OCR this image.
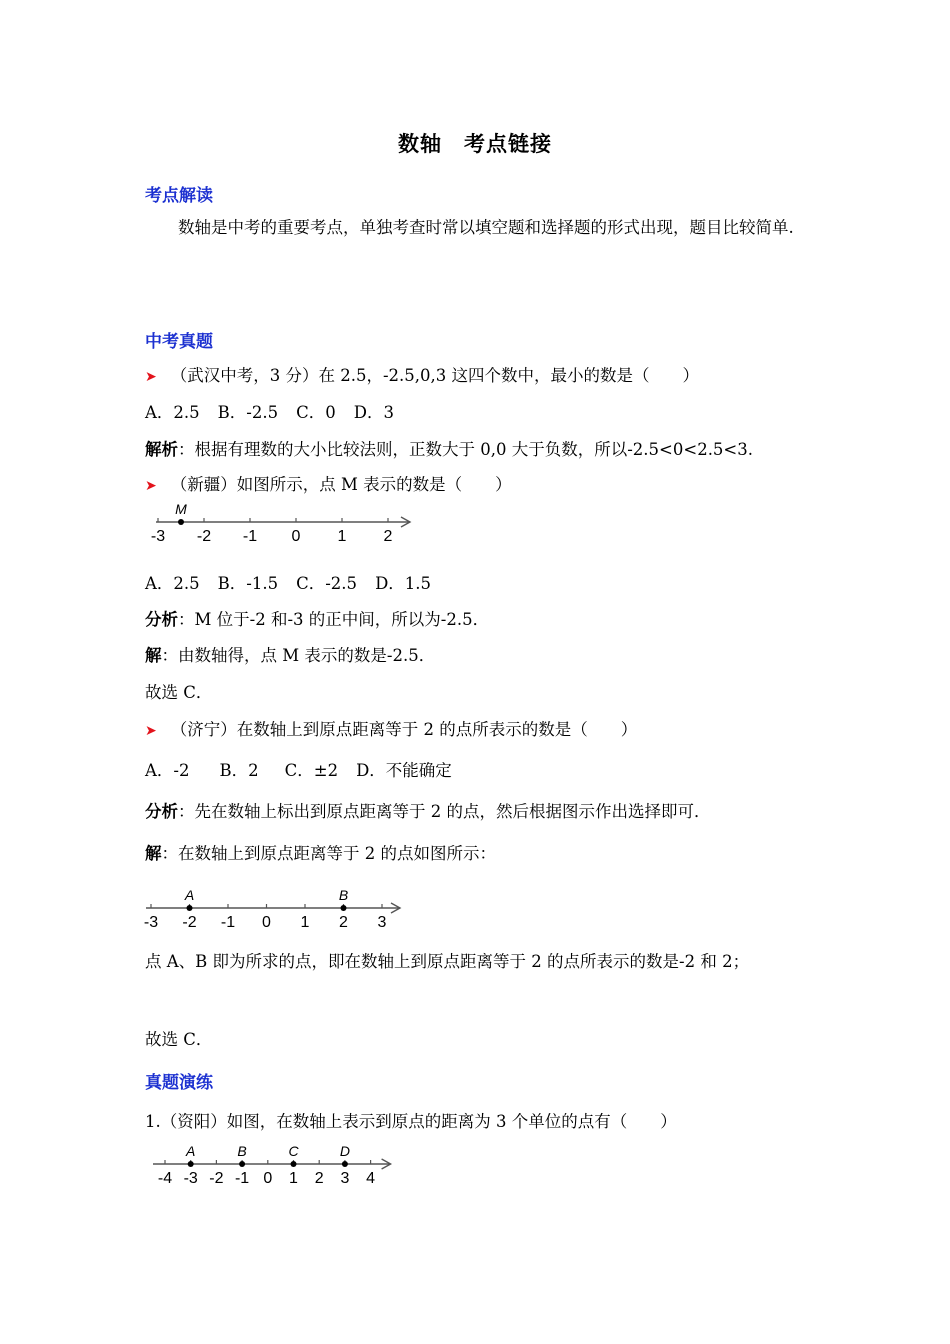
数轴　考点链接
考点解读
数轴是中考的重要考点，单独考查时常以填空题和选择题的形式出现，题目比较简单.
中考真题
➤ （武汉中考，3 分）在 2.5，-2.5,0,3 这四个数中，最小的数是（　　）
A．2.5 B．-2.5 C．0 D．3
解析：根据有理数的大小比较法则，正数大于 0,0 大于负数，所以-2.5<0<2.5<3.
➤ （新疆）如图所示，点 M 表示的数是（　　）
-3 -2 -1 0 1 2
M
A．2.5 B．-1.5 C．-2.5 D．1.5
分析：M 位于-2 和-3 的正中间，所以为-2.5．
解：由数轴得，点 M 表示的数是-2.5．
故选 C．
➤ （济宁）在数轴上到原点距离等于 2 的点所表示的数是（　　）
A．-2 B．2 C．±2 D．不能确定
分析：先在数轴上标出到原点距离等于 2 的点，然后根据图示作出选择即可．
解：在数轴上到原点距离等于 2 的点如图所示：
-3 -2 -1 0 1 2 3
A	B
点 A、B 即为所求的点，即在数轴上到原点距离等于 2 的点所表示的数是-2 和 2；
故选 C．
真题演练
1.（资阳）如图，在数轴上表示到原点的距离为 3 个单位的点有（　　）
-4 -3 -2 -1 0 1 2 3 4
A	B	C	D
